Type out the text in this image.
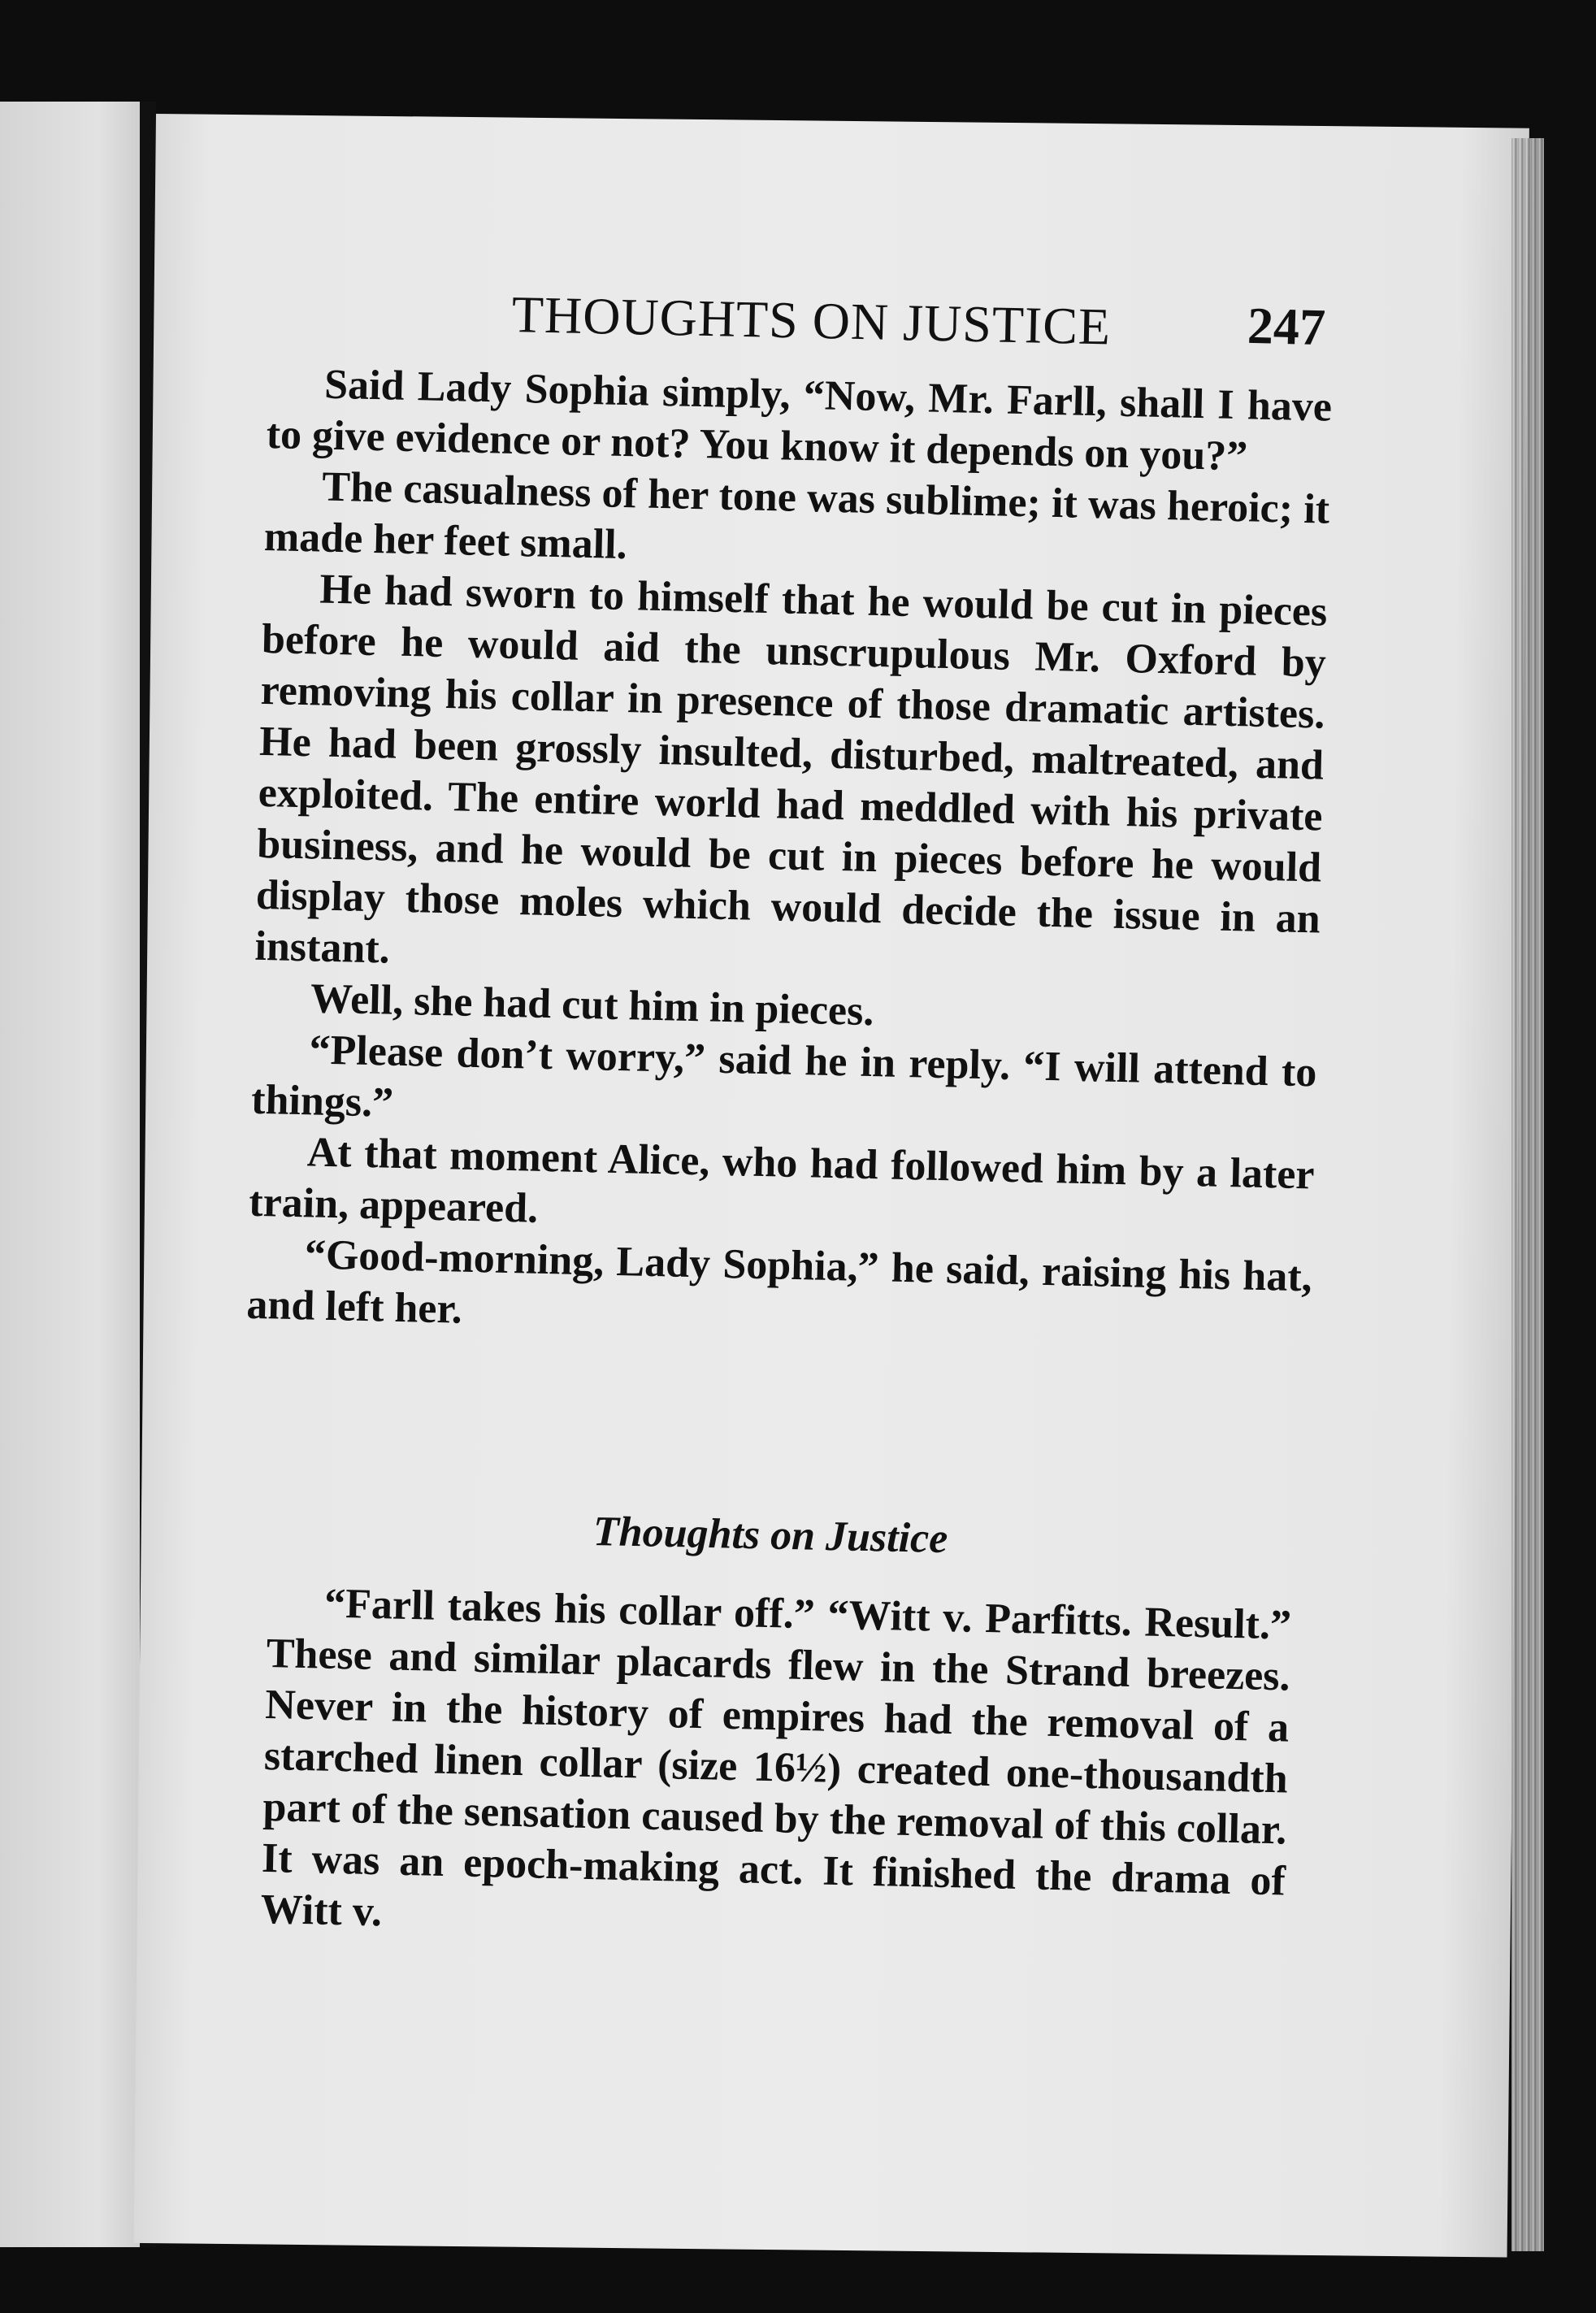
THOUGHTS ON JUSTICE	247

Said Lady Sophia simply, “Now, Mr. Farll, shall I have to give evidence or not? You know it depends on you?”

The casualness of her tone was sublime; it was heroic; it made her feet small.

He had sworn to himself that he would be cut in pieces before he would aid the unscrupulous Mr. Oxford by removing his collar in presence of those dramatic artistes. He had been grossly insulted, disturbed, maltreated, and exploited. The entire world had meddled with his private business, and he would be cut in pieces before he would display those moles which would decide the issue in an instant.

Well, she had cut him in pieces.

“Please don’t worry,” said he in reply. “I will attend to things.”

At that moment Alice, who had followed him by a later train, appeared.

“Good-morning, Lady Sophia,” he said, raising his hat, and left her.

Thoughts on Justice

“Farll takes his collar off.” “Witt v. Parfitts. Result.” These and similar placards flew in the Strand breezes. Never in the history of empires had the removal of a starched linen collar (size 16½) created one-thousandth part of the sensation caused by the removal of this collar. It was an epoch-making act. It finished the drama of Witt v.
